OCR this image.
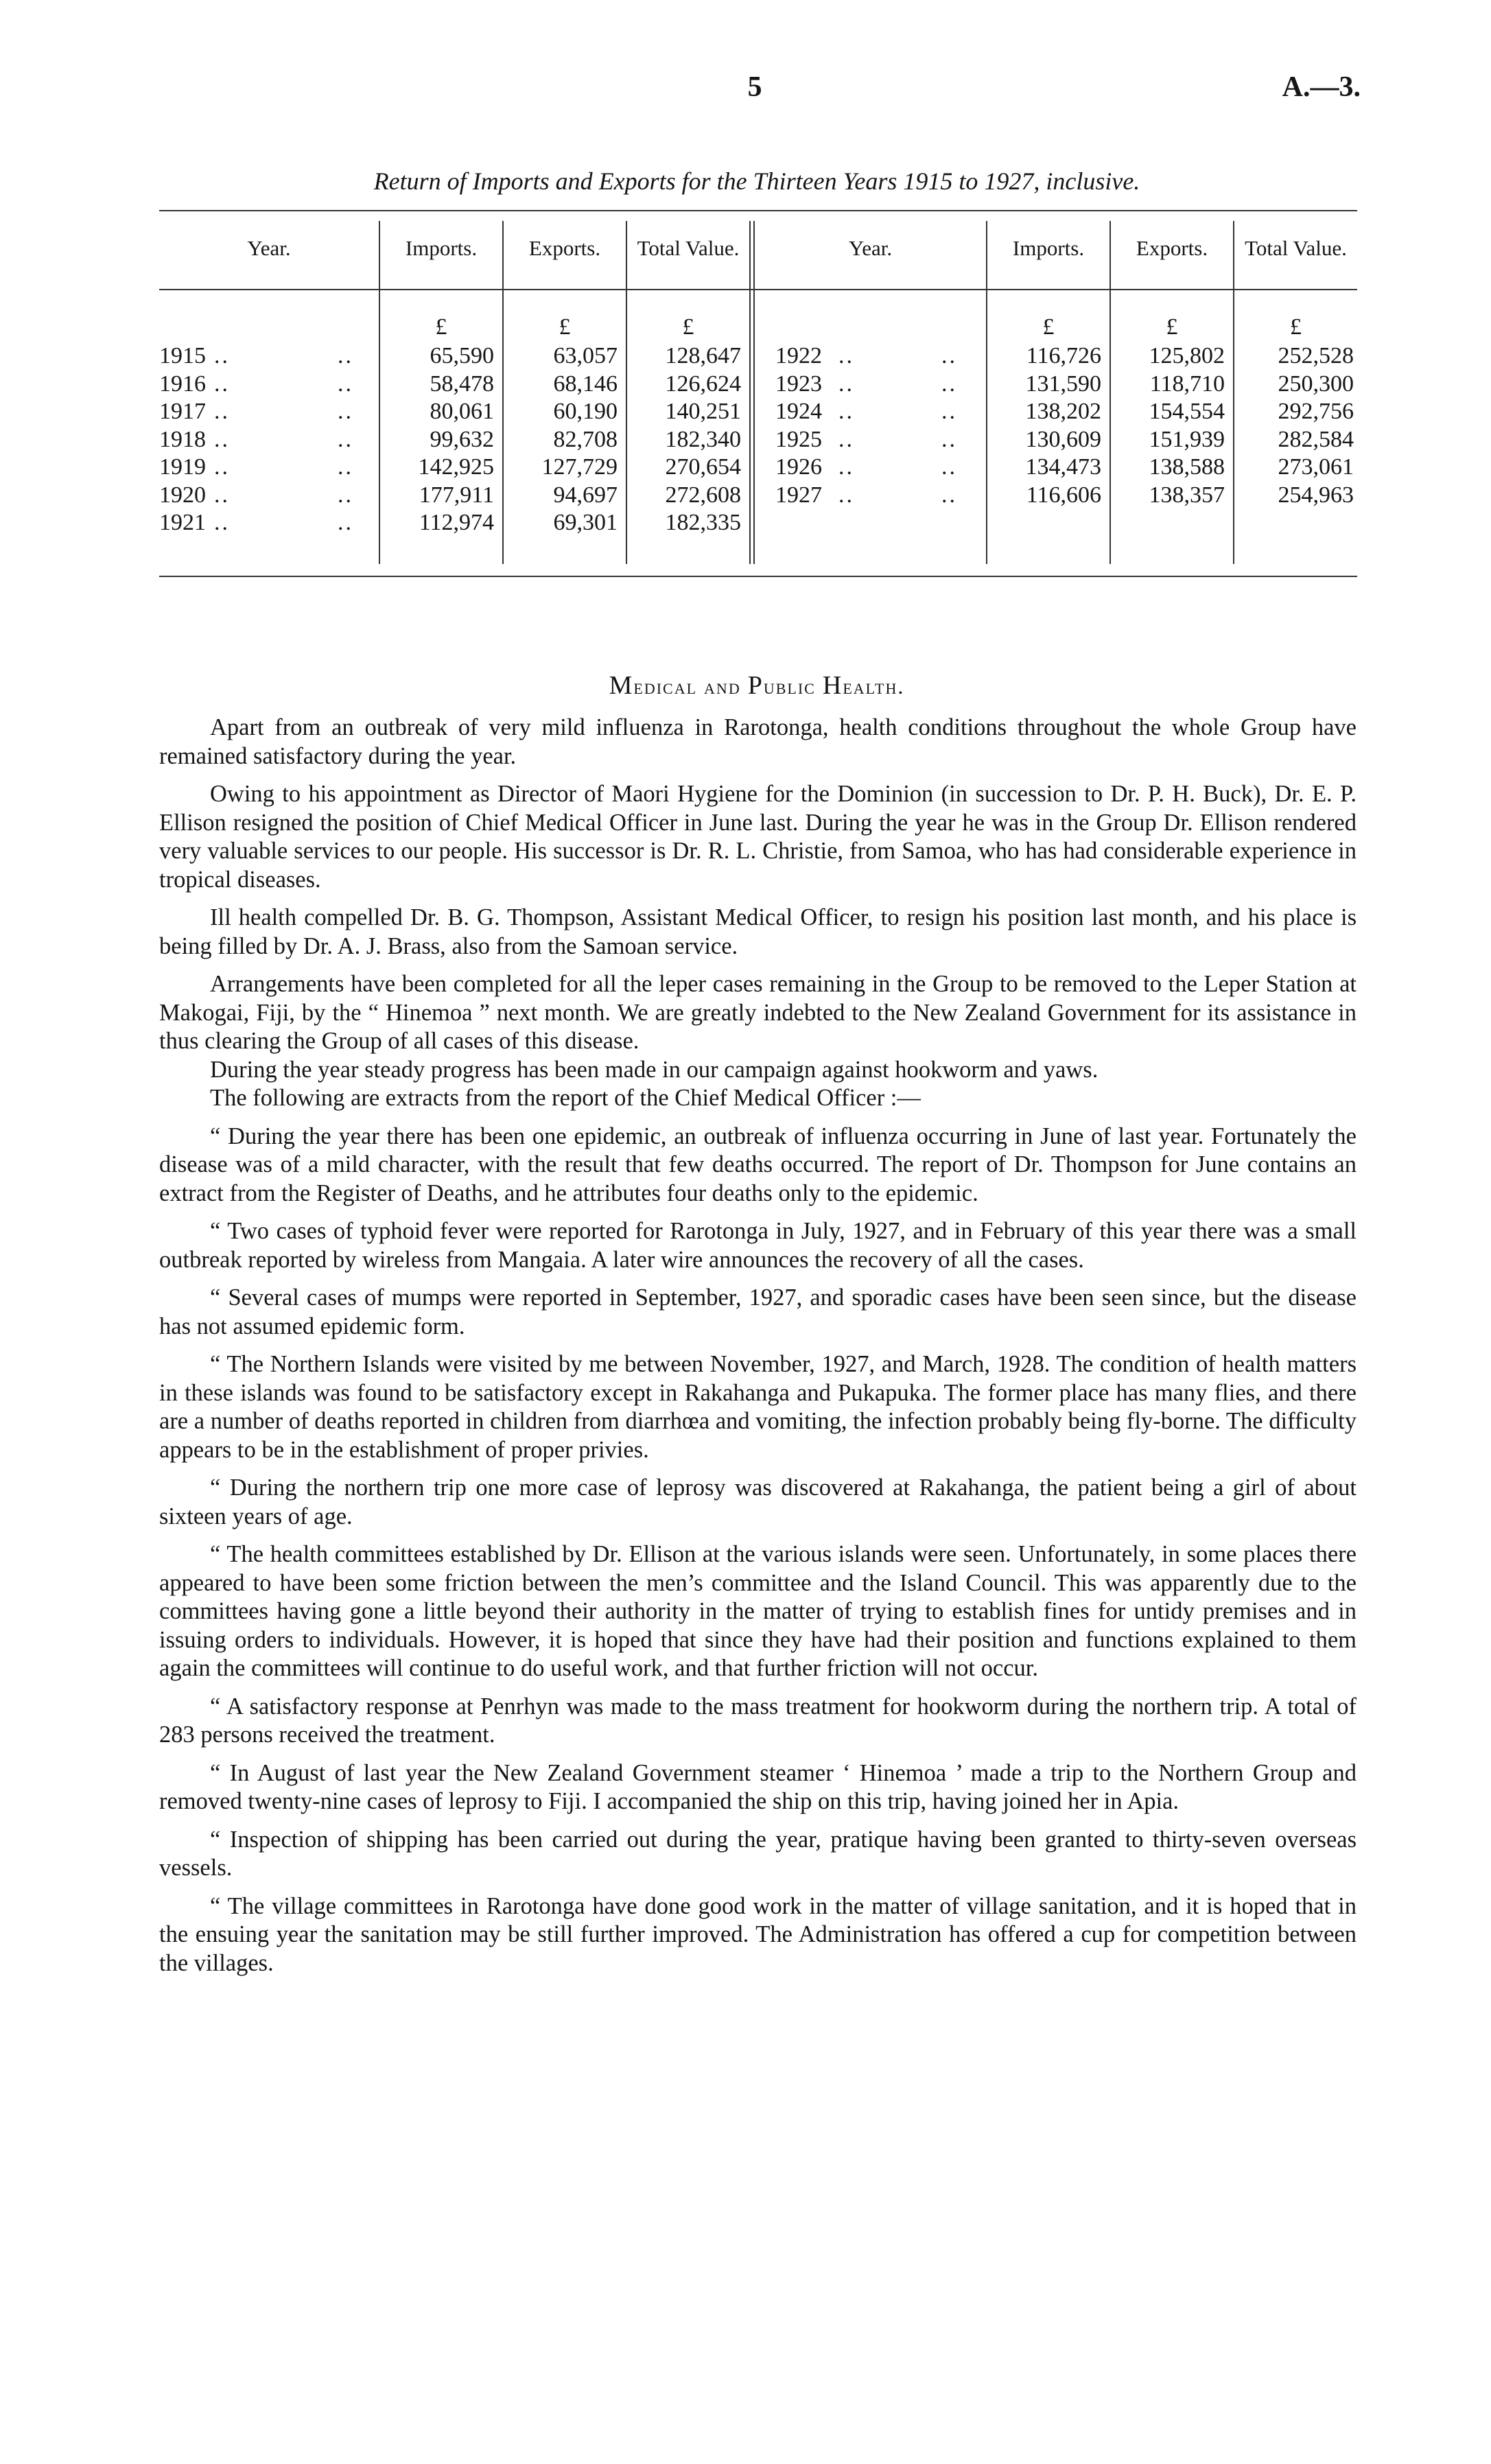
5	A.—3.
Return of Imports and Exports for the Thirteen Years 1915 to 1927, inclusive.
Year.	Imports.	Exports.	Total Value.	Year.	Imports.	Exports.	Total Value.
£	£	£	£	£	£
1915 ..	..	65,590	63,057	128,647
1916 ..	..	58,478	68,146	126,624
1917 ..	..	80,061	60,190	140,251
1918 ..	..	99,632	82,708	182,340
1919 ..	..	142,925	127,729	270,654
1920 ..	..	177,911	94,697	272,608
1921 ..	..	112,974	69,301	182,335
1922 ..	..	116,726	125,802	252,528
1923 ..	..	131,590	118,710	250,300
1924 ..	..	138,202	154,554	292,756
1925 ..	..	130,609	151,939	282,584
1926 ..	..	134,473	138,588	273,061
1927 ..	..	116,606	138,357	254,963
Medical and Public Health.

Apart from an outbreak of very mild influenza in Rarotonga, health conditions throughout the whole Group have remained satisfactory during the year.

Owing to his appointment as Director of Maori Hygiene for the Dominion (in succession to Dr. P. H. Buck), Dr. E. P. Ellison resigned the position of Chief Medical Officer in June last. During the year he was in the Group Dr. Ellison rendered very valuable services to our people. His successor is Dr. R. L. Christie, from Samoa, who has had considerable experience in tropical diseases.

Ill health compelled Dr. B. G. Thompson, Assistant Medical Officer, to resign his position last month, and his place is being filled by Dr. A. J. Brass, also from the Samoan service.

Arrangements have been completed for all the leper cases remaining in the Group to be removed to the Leper Station at Makogai, Fiji, by the “ Hinemoa ” next month. We are greatly indebted to the New Zealand Government for its assistance in thus clearing the Group of all cases of this disease.

During the year steady progress has been made in our campaign against hookworm and yaws.

The following are extracts from the report of the Chief Medical Officer :—

“ During the year there has been one epidemic, an outbreak of influenza occurring in June of last year. Fortunately the disease was of a mild character, with the result that few deaths occurred. The report of Dr. Thompson for June contains an extract from the Register of Deaths, and he attributes four deaths only to the epidemic.

“ Two cases of typhoid fever were reported for Rarotonga in July, 1927, and in February of this year there was a small outbreak reported by wireless from Mangaia. A later wire announces the recovery of all the cases.

“ Several cases of mumps were reported in September, 1927, and sporadic cases have been seen since, but the disease has not assumed epidemic form.

“ The Northern Islands were visited by me between November, 1927, and March, 1928. The condition of health matters in these islands was found to be satisfactory except in Rakahanga and Pukapuka. The former place has many flies, and there are a number of deaths reported in children from diarrhœa and vomiting, the infection probably being fly-borne. The difficulty appears to be in the establishment of proper privies.

“ During the northern trip one more case of leprosy was discovered at Rakahanga, the patient being a girl of about sixteen years of age.

“ The health committees established by Dr. Ellison at the various islands were seen. Unfortunately, in some places there appeared to have been some friction between the men’s committee and the Island Council. This was apparently due to the committees having gone a little beyond their authority in the matter of trying to establish fines for untidy premises and in issuing orders to individuals. However, it is hoped that since they have had their position and functions explained to them again the committees will continue to do useful work, and that further friction will not occur.

“ A satisfactory response at Penrhyn was made to the mass treatment for hookworm during the northern trip. A total of 283 persons received the treatment.

“ In August of last year the New Zealand Government steamer ‘ Hinemoa ’ made a trip to the Northern Group and removed twenty-nine cases of leprosy to Fiji. I accompanied the ship on this trip, having joined her in Apia.

“ Inspection of shipping has been carried out during the year, pratique having been granted to thirty-seven overseas vessels.

“ The village committees in Rarotonga have done good work in the matter of village sanitation, and it is hoped that in the ensuing year the sanitation may be still further improved. The Administration has offered a cup for competition between the villages.
